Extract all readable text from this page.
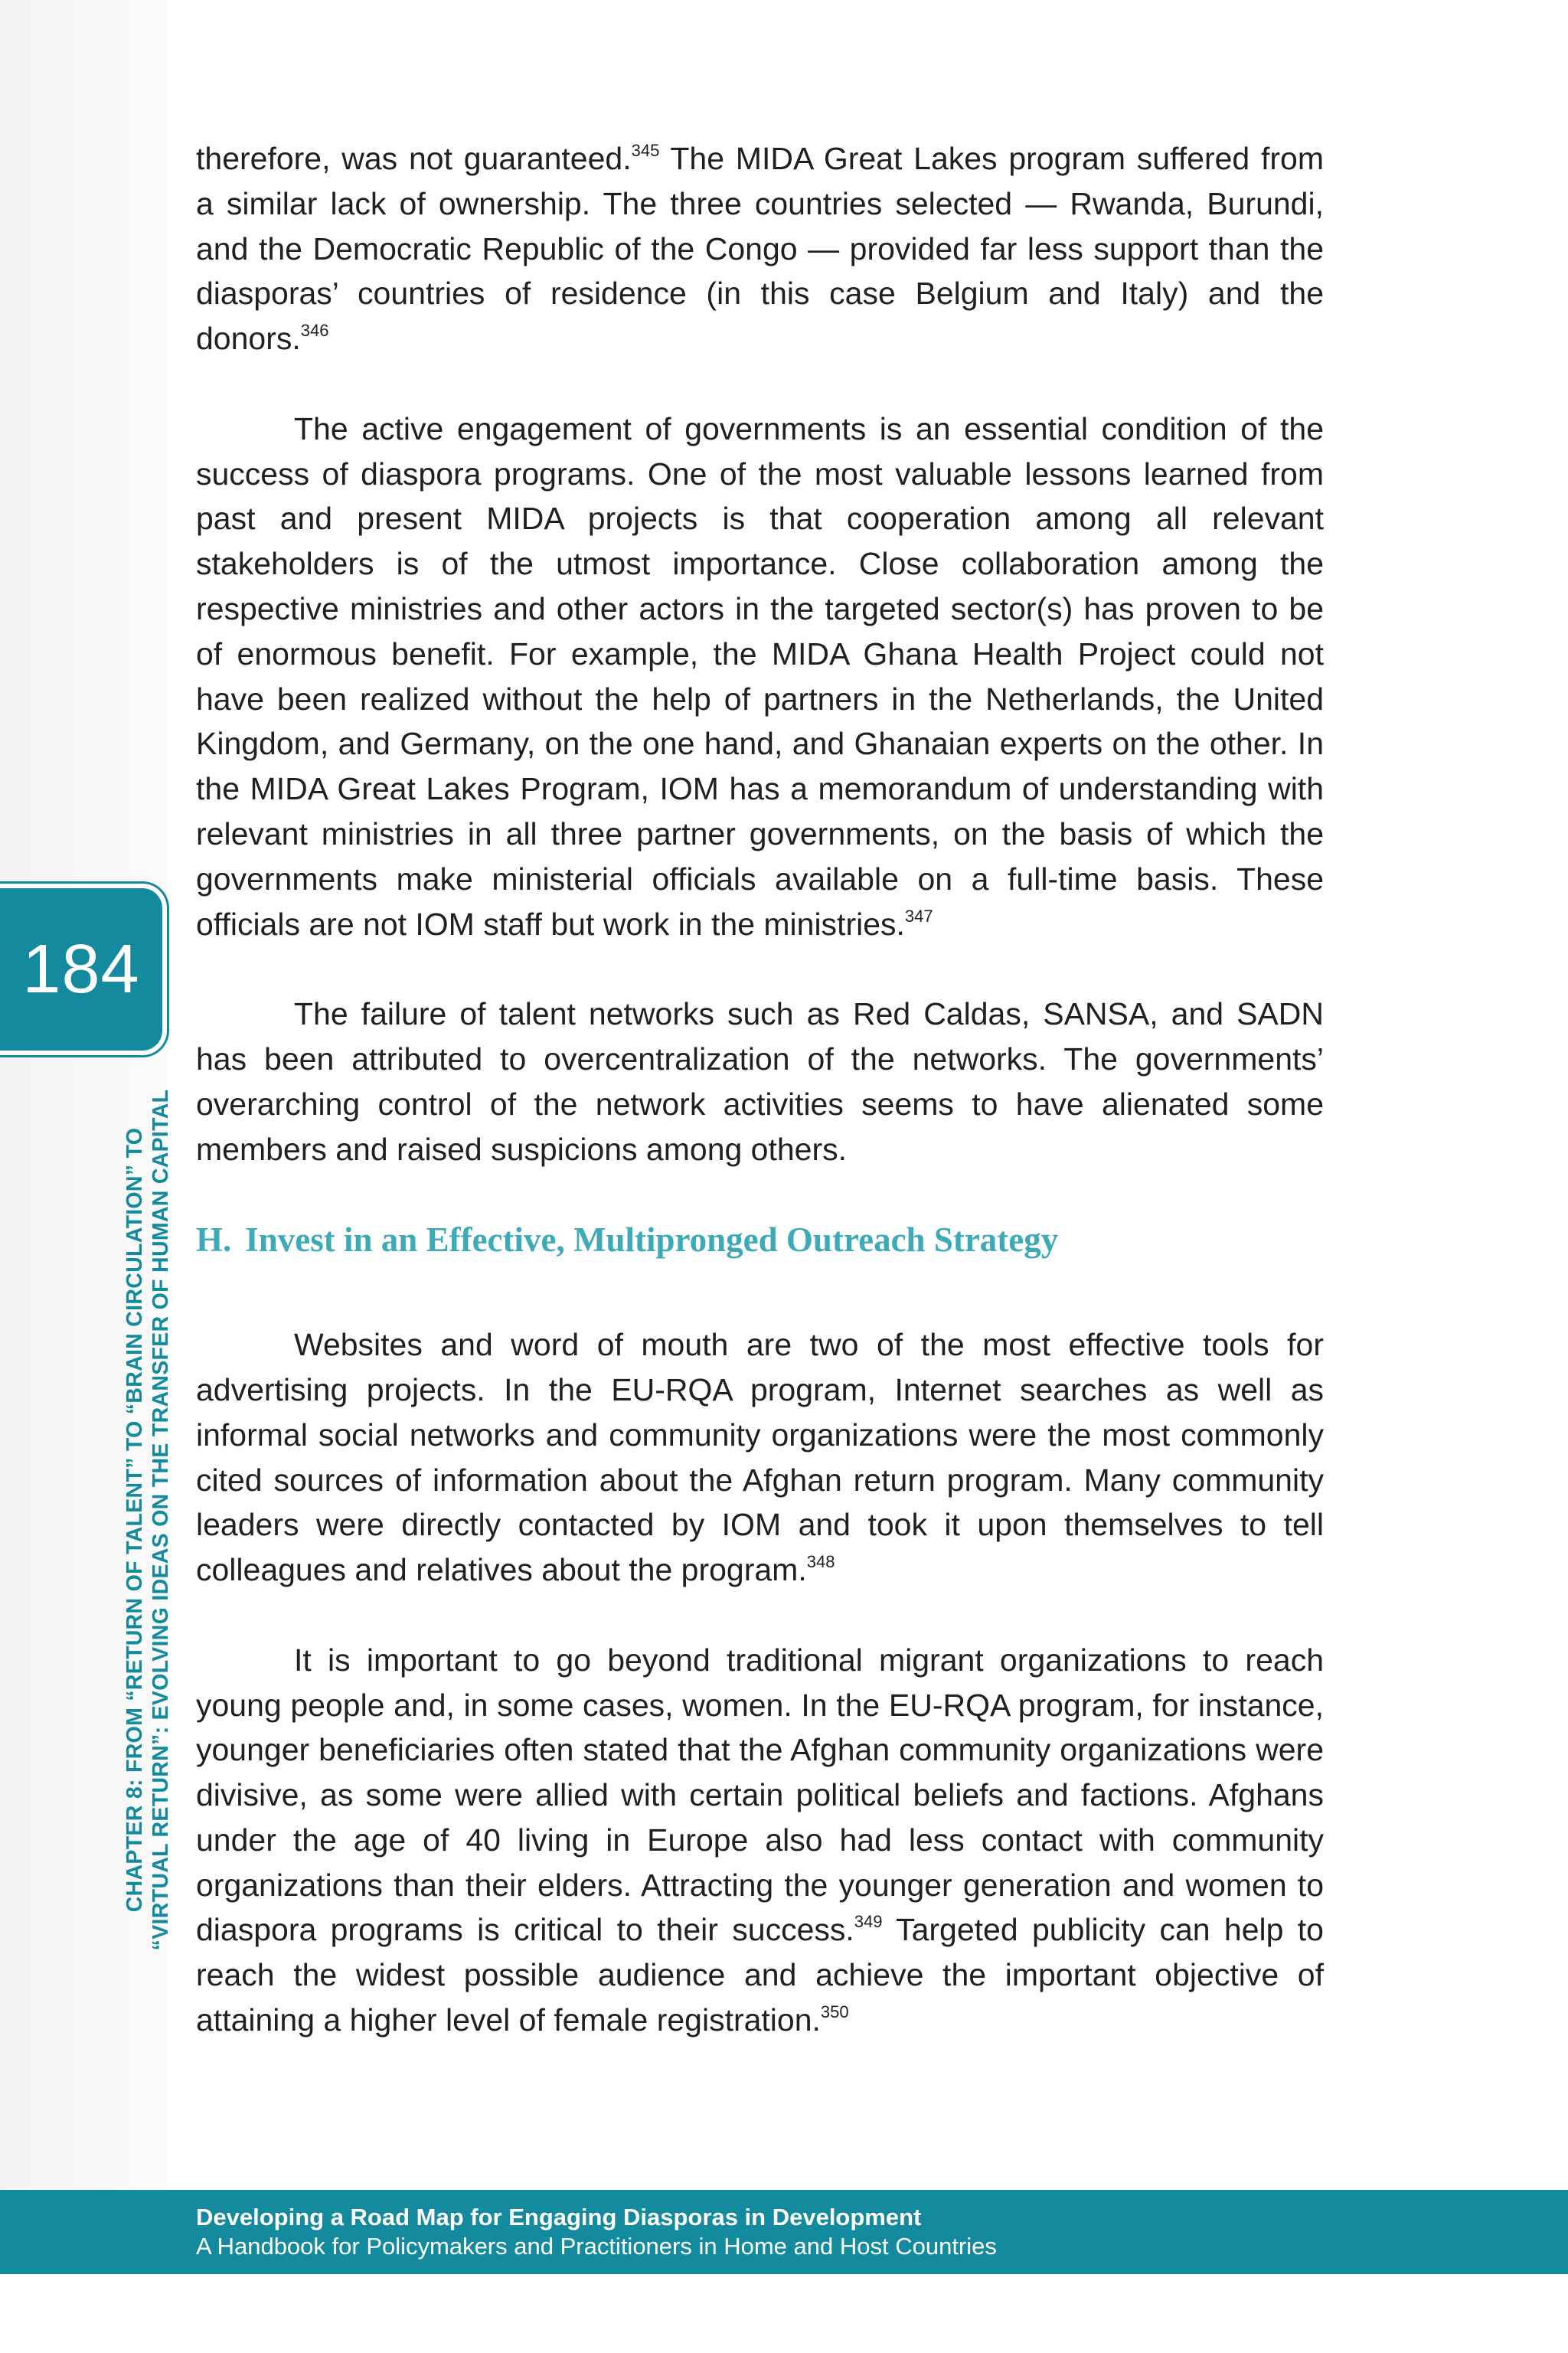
184
CHAPTER 8: FROM “RETURN OF TALENT” TO “BRAIN CIRCULATION” TO “VIRTUAL RETURN”: EVOLVING IDEAS ON THE TRANSFER OF HUMAN CAPITAL

therefore, was not guaranteed.$^{345}$ The MIDA Great Lakes program suffered from a similar lack of ownership. The three countries selected — Rwanda, Burundi, and the Democratic Republic of the Congo — provided far less support than the diasporas’ countries of residence (in this case Belgium and Italy) and the donors.$^{346}$

The active engagement of governments is an essential condition of the success of diaspora programs. One of the most valuable lessons learned from past and present MIDA projects is that cooperation among all relevant stakeholders is of the utmost importance. Close collaboration among the respective ministries and other actors in the targeted sector(s) has proven to be of enormous benefit. For example, the MIDA Ghana Health Project could not have been realized without the help of partners in the Netherlands, the United Kingdom, and Germany, on the one hand, and Ghanaian experts on the other. In the MIDA Great Lakes Program, IOM has a memorandum of understanding with relevant ministries in all three partner governments, on the basis of which the governments make ministerial officials available on a full-time basis. These officials are not IOM staff but work in the ministries.$^{347}$

The failure of talent networks such as Red Caldas, SANSA, and SADN has been attributed to overcentralization of the networks. The governments’ overarching control of the network activities seems to have alienated some members and raised suspicions among others.

H. Invest in an Effective, Multipronged Outreach Strategy

Websites and word of mouth are two of the most effective tools for advertising projects. In the EU-RQA program, Internet searches as well as informal social networks and community organizations were the most commonly cited sources of information about the Afghan return program. Many community leaders were directly contacted by IOM and took it upon themselves to tell colleagues and relatives about the program.$^{348}$

It is important to go beyond traditional migrant organizations to reach young people and, in some cases, women. In the EU-RQA program, for instance, younger beneficiaries often stated that the Afghan community organizations were divisive, as some were allied with certain political beliefs and factions. Afghans under the age of 40 living in Europe also had less contact with community organizations than their elders. Attracting the younger generation and women to diaspora programs is critical to their success.$^{349}$ Targeted publicity can help to reach the widest possible audience and achieve the important objective of attaining a higher level of female registration.$^{350}$

Developing a Road Map for Engaging Diasporas in Development
A Handbook for Policymakers and Practitioners in Home and Host Countries
